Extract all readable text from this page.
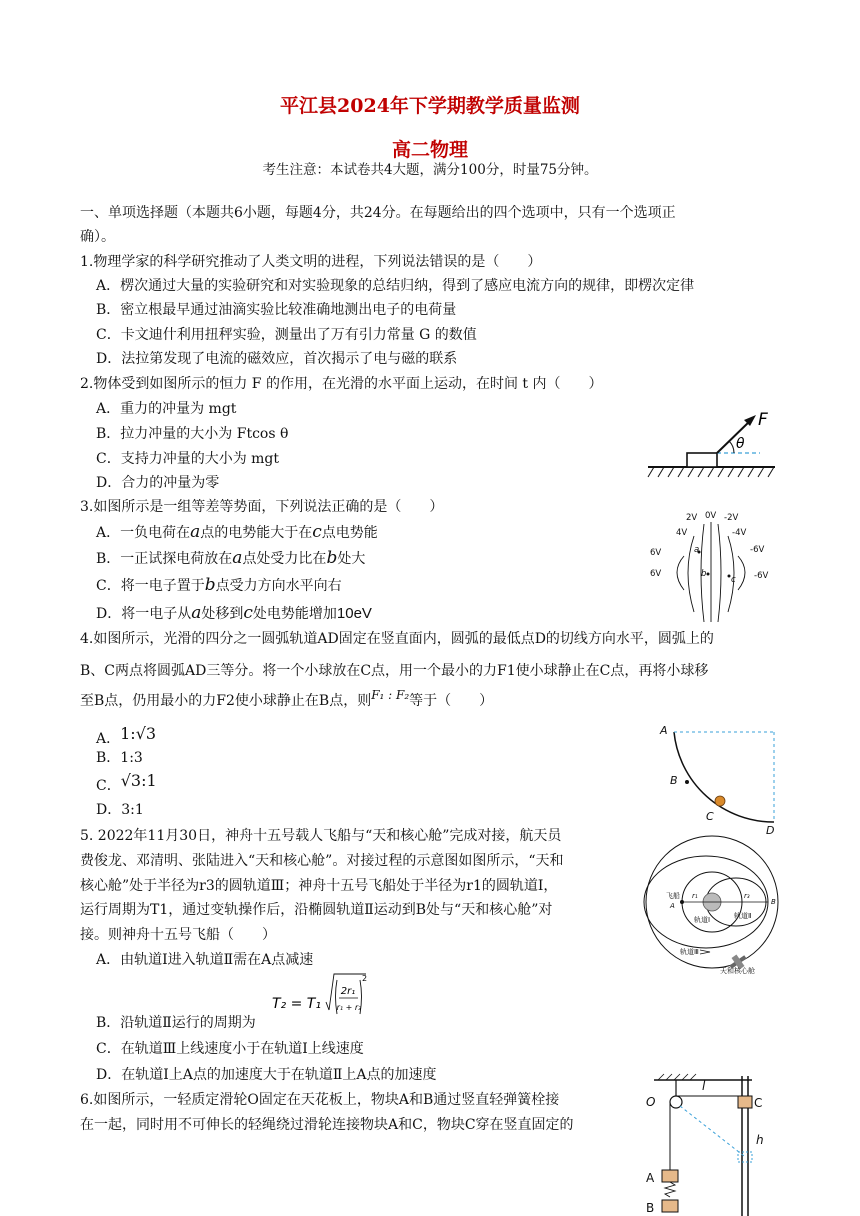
平江县2024年下学期教学质量监测
高二物理
考生注意：本试卷共4大题，满分100分，时量75分钟。
一、单项选择题（本题共6小题，每题4分，共24分。在每题给出的四个选项中，只有一个选项正
确）。
1.物理学家的科学研究推动了人类文明的进程，下列说法错误的是（　　）
A．楞次通过大量的实验研究和对实验现象的总结归纳，得到了感应电流方向的规律，即楞次定律
B．密立根最早通过油滴实验比较准确地测出电子的电荷量
C．卡文迪什利用扭秤实验，测量出了万有引力常量 G 的数值
D．法拉第发现了电流的磁效应，首次揭示了电与磁的联系
2.物体受到如图所示的恒力 F 的作用，在光滑的水平面上运动，在时间 t 内（　　）
A．重力的冲量为 mgt
B．拉力冲量的大小为 Ftcos θ
C．支持力冲量的大小为 mgt
D．合力的冲量为零
F
θ
3.如图所示是一组等差等势面，下列说法正确的是（　　）
A．一负电荷在a点的电势能大于在c点电势能
B．一正试探电荷放在a点处受力比在b处大
C．将一电子置于b点受力方向水平向右
D．将一电子从a处移到c处电势能增加10eV
2V 0V -2V
4V	-4V
6V	-6V
6V	-6V
a
b
c
4.如图所示，光滑的四分之一圆弧轨道AD固定在竖直面内，圆弧的最低点D的切线方向水平，圆弧上的
B、C两点将圆弧AD三等分。将一个小球放在C点，用一个最小的力F1使小球静止在C点，再将小球移
至B点，仍用最小的力F2使小球静止在B点，则F₁ : F₂等于（　　）
A．1:√3
B．1:3
C．√3:1
D．3:1
A
B
C
D
5. 2022年11月30日，神舟十五号载人飞船与“天和核心舱”完成对接，航天员
费俊龙、邓清明、张陆进入“天和核心舱”。对接过程的示意图如图所示，“天和
核心舱”处于半径为r3的圆轨道Ⅲ；神舟十五号飞船处于半径为r1的圆轨道Ⅰ，
运行周期为T1，通过变轨操作后，沿椭圆轨道Ⅱ运动到B处与“天和核心舱”对
接。则神舟十五号飞船（　　）
A．由轨道Ⅰ进入轨道Ⅱ需在A点减速
T₂ = T₁
2r₁
r₁ + r₃
2
B．沿轨道Ⅱ运行的周期为
C．在轨道Ⅲ上线速度小于在轨道Ⅰ上线速度
D．在轨道Ⅰ上A点的加速度大于在轨道Ⅱ上A点的加速度
飞船
A	B
r₁	r₃
轨道Ⅰ	轨道Ⅱ
轨道Ⅲ
天和核心舱
6.如图所示，一轻质定滑轮O固定在天花板上，物块A和B通过竖直轻弹簧栓接
在一起，同时用不可伸长的轻绳绕过滑轮连接物块A和C，物块C穿在竖直固定的
O
l
C
h
A
B
